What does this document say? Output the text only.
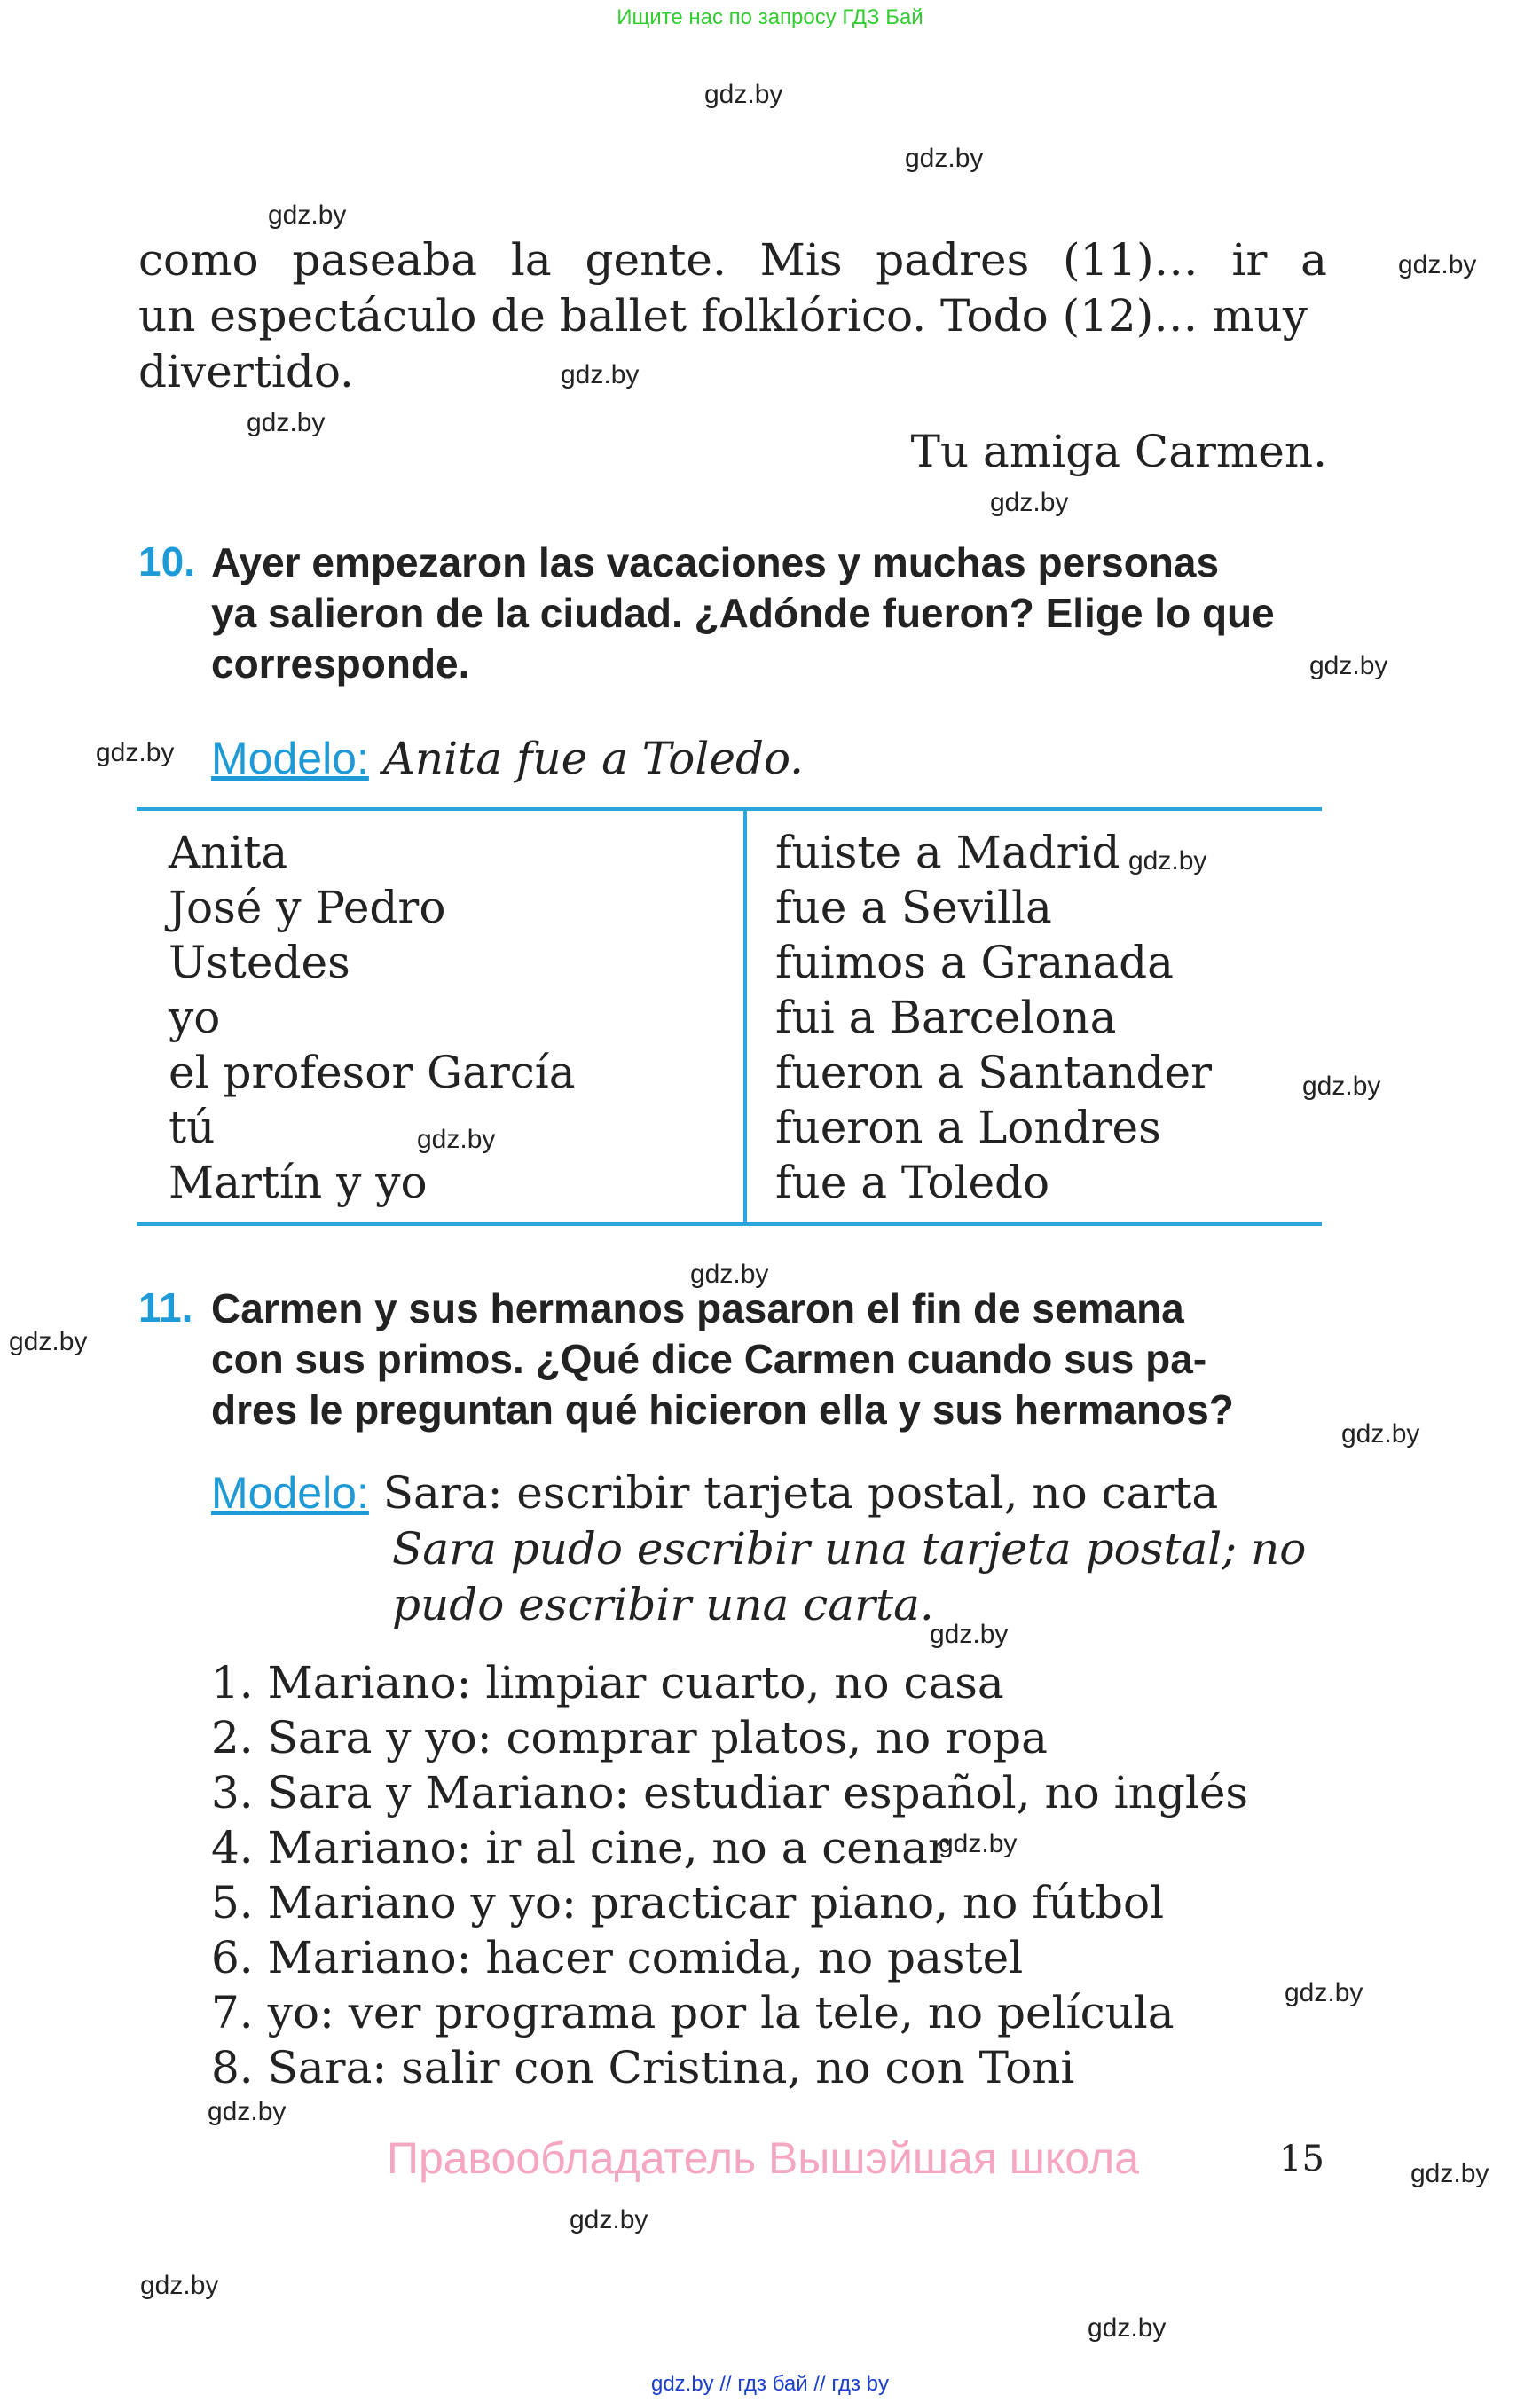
Ищите нас по запросу ГДЗ Бай
como paseaba la gente. Mis padres (11)… ir a
un espectáculo de ballet folklórico. Todo (12)… muy
divertido.
Tu amiga Carmen.
10. Ayer empezaron las vacaciones y muchas personas
ya salieron de la ciudad. ¿Adónde fueron? Elige lo que
corresponde.
Modelo: Anita fue a Toledo.
Anita
José y Pedro
Ustedes
yo
el profesor García
tú
Martín y yo
fuiste a Madrid
fue a Sevilla
fuimos a Granada
fui a Barcelona
fueron a Santander
fueron a Londres
fue a Toledo
11. Carmen y sus hermanos pasaron el fin de semana
con sus primos. ¿Qué dice Carmen cuando sus pa-
dres le preguntan qué hicieron ella y sus hermanos?
Modelo: Sara: escribir tarjeta postal, no carta
Sara pudo escribir una tarjeta postal; no
pudo escribir una carta.
1. Mariano: limpiar cuarto, no casa
2. Sara y yo: comprar platos, no ropa
3. Sara y Mariano: estudiar español, no inglés
4. Mariano: ir al cine, no a cenar
5. Mariano y yo: practicar piano, no fútbol
6. Mariano: hacer comida, no pastel
7. yo: ver programa por la tele, no película
8. Sara: salir con Cristina, no con Toni
Правообладатель Вышэйшая школа	15
gdz.by // гдз бай // гдз by
gdz.by
gdz.by
gdz.by
gdz.by
gdz.by
gdz.by
gdz.by
gdz.by
gdz.by
gdz.by
gdz.by
gdz.by
gdz.by
gdz.by
gdz.by
gdz.by
gdz.by
gdz.by
gdz.by
gdz.by
gdz.by
gdz.by
gdz.by
